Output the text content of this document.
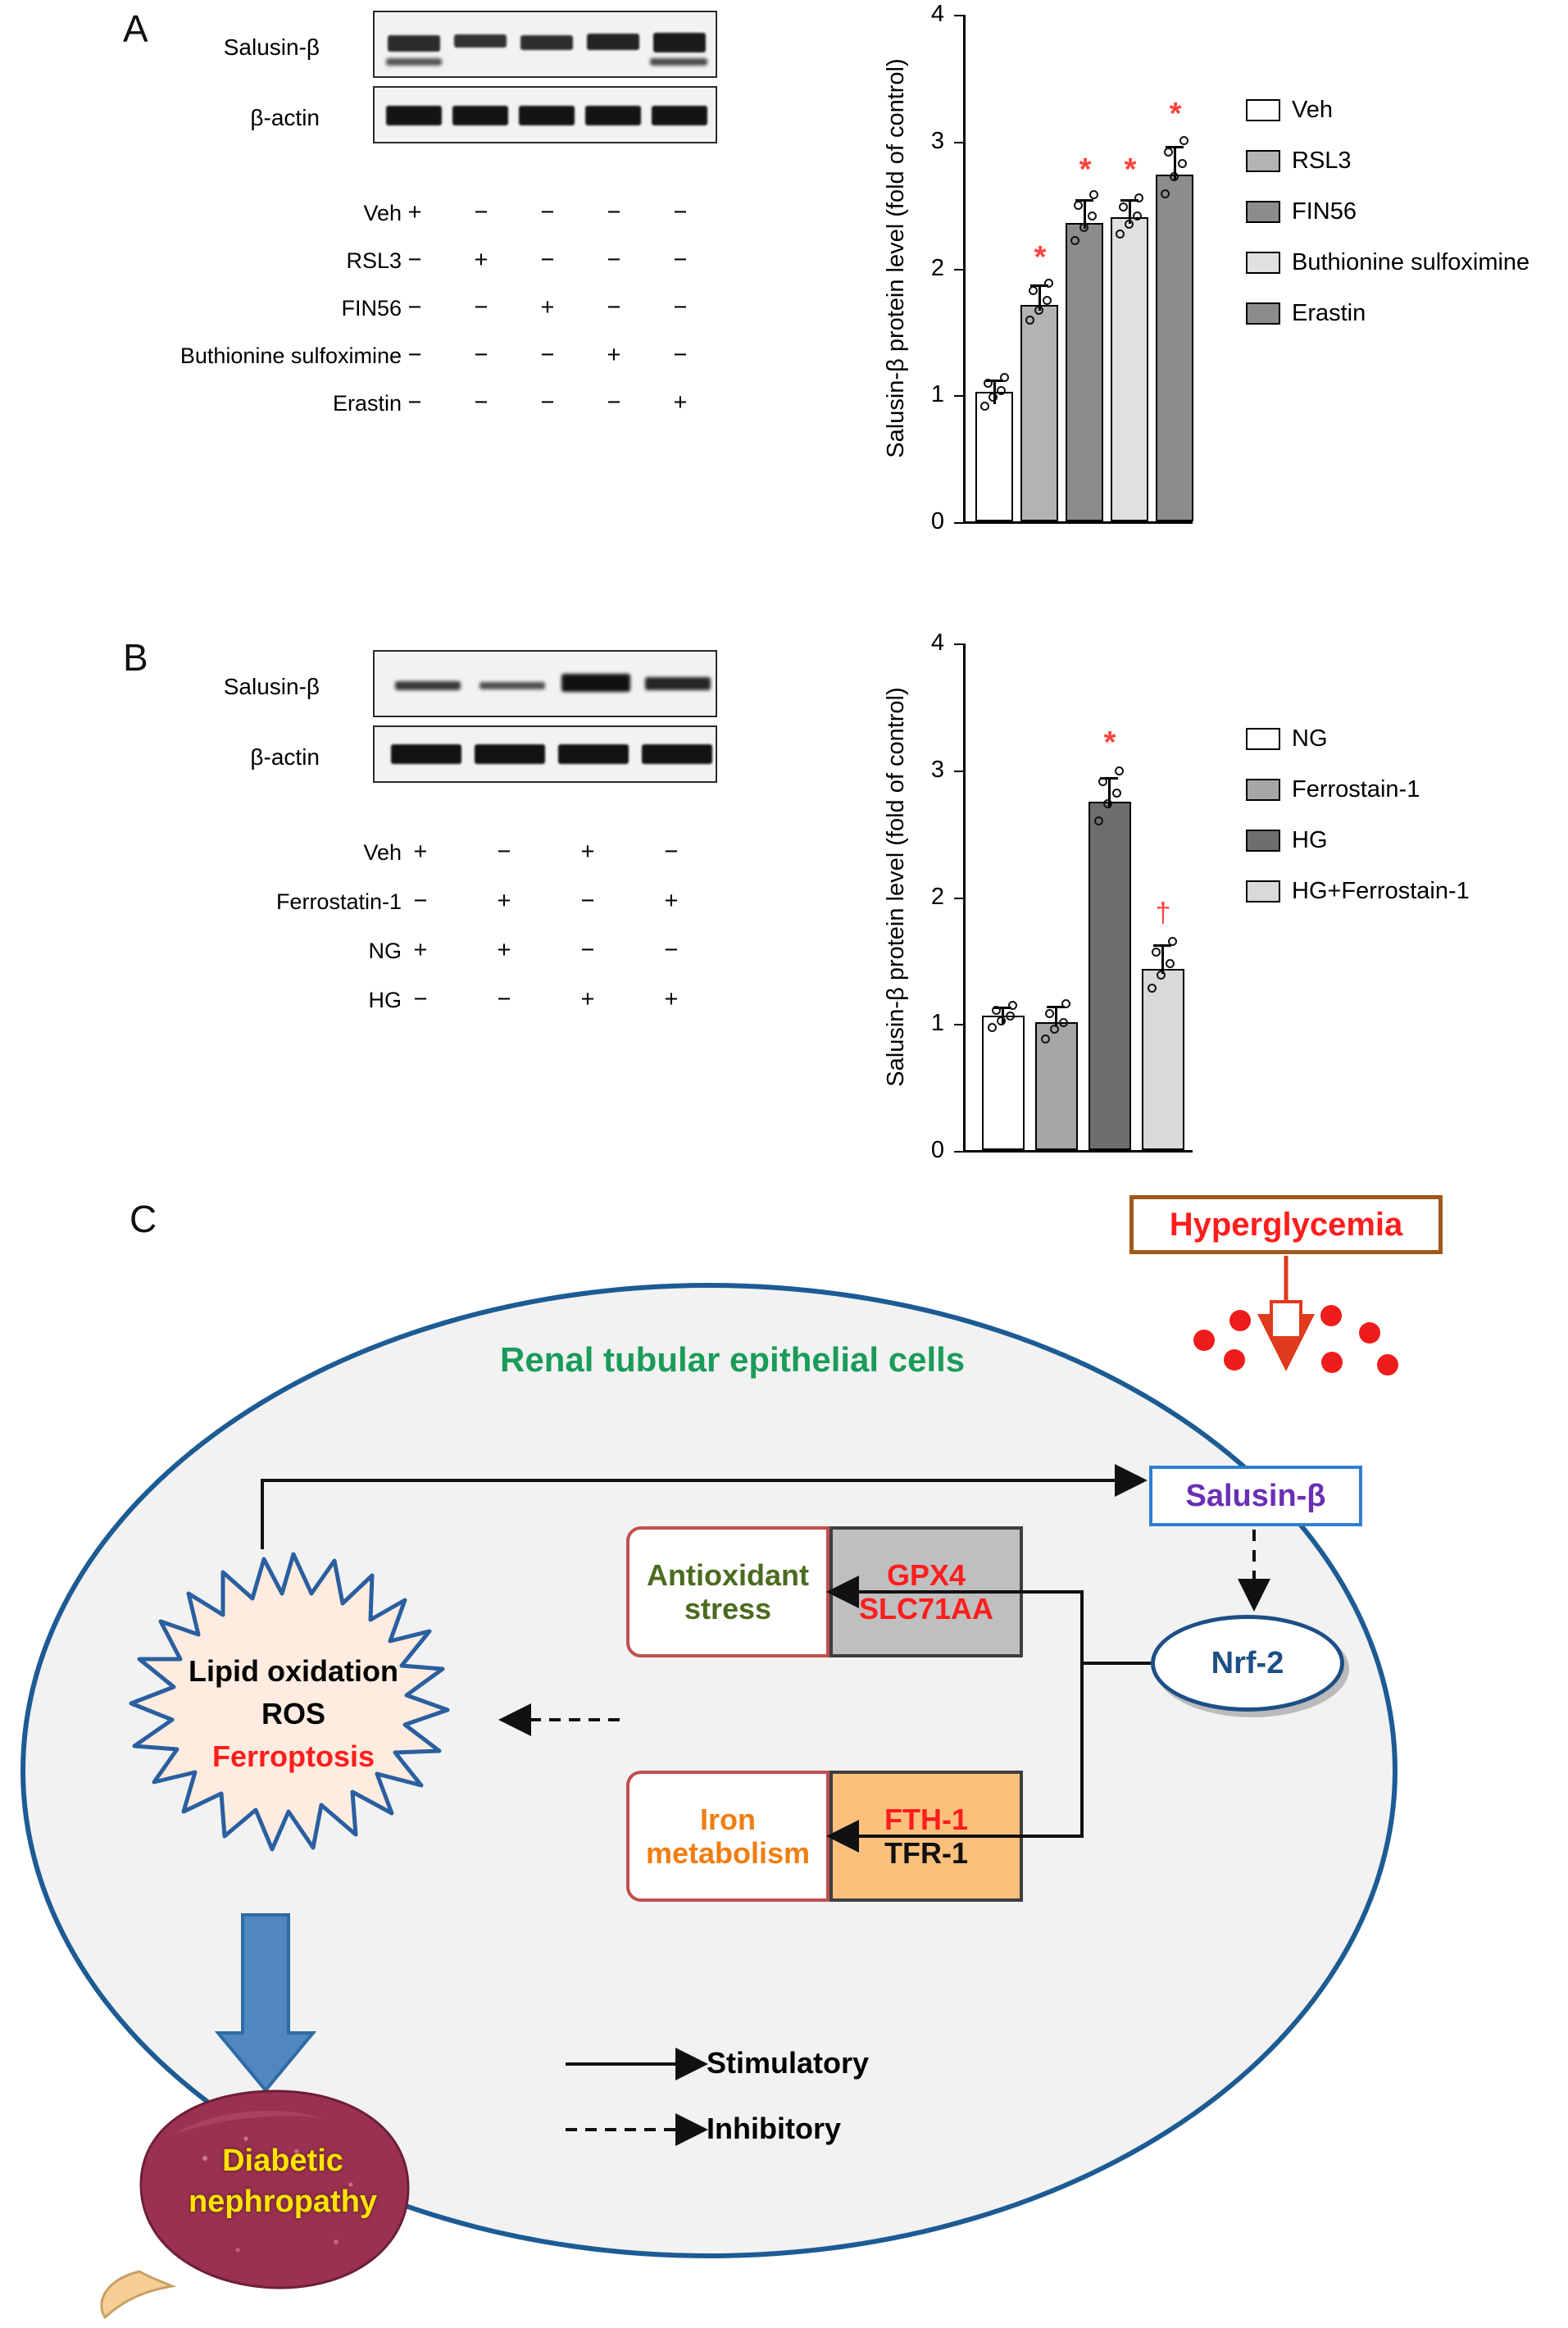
A	Salusin-β
β-actin
Veh +	−	−	−	−
RSL3 −	+	−	−	−
FIN56 −	−	+	−	−
Buthionine sulfoximine −	−	−	+	−
Erastin −	−	−	−	+
0
1
2
3
4
Salusin-β protein level (fold of control)	*
*	*
*	Veh
RSL3
FIN56
Buthionine sulfoximine
Erastin
B
Salusin-β
β-actin
Veh +	−	+	−
Ferrostatin-1 −	+	−	+
NG +	+	−	−
HG −	−	+	+
0
1
2
3
4
Salusin-β protein level (fold of control)	*
†
NG
Ferrostain-1
HG
HG+Ferrostain-1
C
Renal tubular epithelial cells
Hyperglycemia
Salusin-β
Nrf-2
Antioxidant
stress
GPX4
SLC71AA
Iron
metabolism
FTH-1
TFR-1
Lipid oxidation
ROS
Ferroptosis
Stimulatory
Inhibitory
Diabetic
nephropathy
